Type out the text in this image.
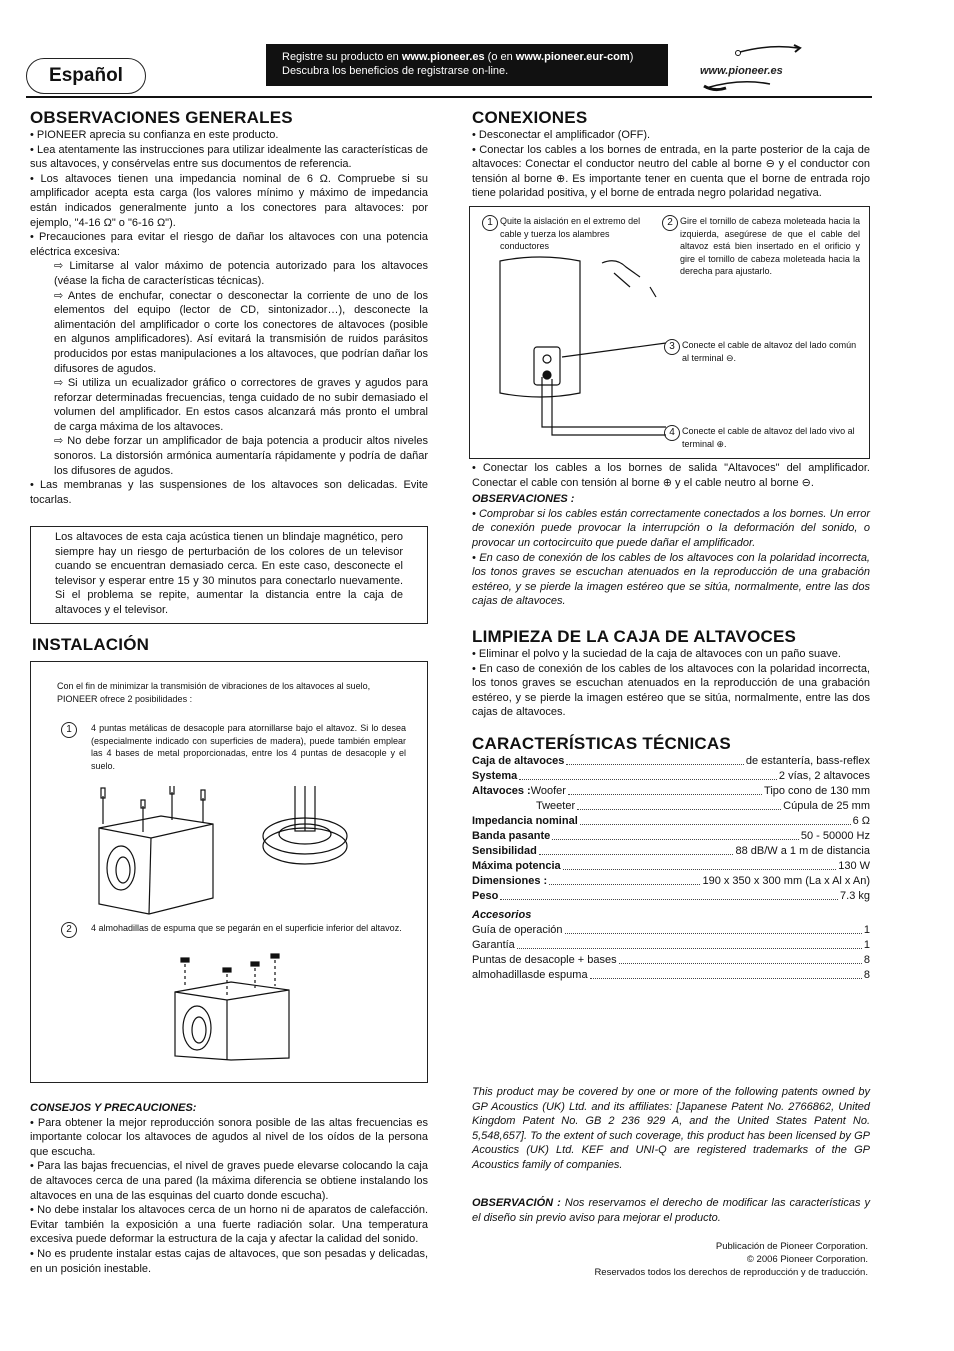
Español
Registre su producto en www.pioneer.es (o en www.pioneer.eur-com)
Descubra los beneficios de registrarse on-line.	www.pioneer.es
OBSERVACIONES GENERALES

• PIONEER aprecia su confianza en este producto.

• Lea atentamente las instrucciones para utilizar idealmente las características de sus altavoces, y consérvelas entre sus documentos de referencia.

• Los altavoces tienen una impedancia nominal de 6 Ω. Compruebe si su amplificador acepta esta carga (los valores mínimo y máximo de impedancia están indicados generalmente junto a los conectores para altavoces: por ejemplo, "4-16 Ω" o "6-16 Ω").

• Precauciones para evitar el riesgo de dañar los altavoces con una potencia eléctrica excesiva:

⇨ Limitarse al valor máximo de potencia autorizado para los altavoces (véase la ficha de características técnicas).

⇨ Antes de enchufar, conectar o desconectar la corriente de uno de los elementos del equipo (lector de CD, sintonizador…), desconecte la alimentación del amplificador o corte los conectores de altavoces (posible en algunos amplificadores). Así evitará la transmisión de ruidos parásitos producidos por estas manipulaciones a los altavoces, que podrían dañar los difusores de agudos.

⇨ Si utiliza un ecualizador gráfico o correctores de graves y agudos para reforzar determinadas frecuencias, tenga cuidado de no subir demasiado el volumen del amplificador. En estos casos alcanzará más pronto el umbral de carga máxima de los altavoces.

⇨ No debe forzar un amplificador de baja potencia a producir altos niveles sonoros. La distorsión armónica aumentaría rápidamente y podría de dañar los difusores de agudos.

• Las membranas y las suspensiones de los altavoces son delicadas. Evite tocarlas.

Los altavoces de esta caja acústica tienen un blindaje magnético, pero siempre hay un riesgo de perturbación de los colores de un televisor cuando se encuentran demasiado cerca. En este caso, desconecte el televisor y esperar entre 15 y 30 minutos para conectarlo nuevamente. Si el problema se repite, aumentar la distancia entre la caja de altavoces y el televisor.

INSTALACIÓN
Con el fin de minimizar la transmisión de vibraciones de los altavoces al suelo, PIONEER ofrece 2 posibilidades :
1	4 puntas metálicas de desacople para atornillarse bajo el altavoz. Si lo desea (especialmente indicado con superficies de madera), puede también emplear las 4 bases de metal proporcionadas, entre los 4 puntas de desacople y el suelo.
2	4 almohadillas de espuma que se pegarán en el superficie inferior del altavoz.
CONSEJOS Y PRECAUCIONES:

• Para obtener la mejor reproducción sonora posible de las altas frecuencias es importante colocar los altavoces de agudos al nivel de los oídos de la persona que escucha.

• Para las bajas frecuencias, el nivel de graves puede elevarse colocando la caja de altavoces cerca de una pared (la máxima diferencia se obtiene instalando los altavoces en una de las esquinas del cuarto donde escucha).

• No debe instalar los altavoces cerca de un horno ni de aparatos de calefacción. Evitar también la exposición a una fuerte radiación solar. Una temperatura excesiva puede deformar la estructura de la caja y afectar la calidad del sonido.

• No es prudente instalar estas cajas de altavoces, que son pesadas y delicadas, en un posición inestable.

CONEXIONES

• Desconectar el amplificador (OFF).

• Conectar los cables a los bornes de entrada, en la parte posterior de la caja de altavoces: Conectar el conductor neutro del cable al borne ⊖ y el conductor con tensión al borne ⊕. Es importante tener en cuenta que el borne de entrada rojo tiene polaridad positiva, y el borne de entrada negro polaridad negativa.

1 Quite la aislación en el extremo del cable y tuerza los alambres conductores
2 Gire el tornillo de cabeza moleteada hacia la izquierda, asegúrese de que el cable del altavoz está bien insertado en el orificio y gire el tornillo de cabeza moleteada hacia la derecha para ajustarlo.
3 Conecte el cable de altavoz del lado común al terminal ⊖.
4 Conecte el cable de altavoz del lado vivo al terminal ⊕.

• Conectar los cables a los bornes de salida "Altavoces" del amplificador. Conectar el cable con tensión al borne ⊕ y el cable neutro al borne ⊖.

OBSERVACIONES :

• Comprobar si los cables están correctamente conectados a los bornes. Un error de conexión puede provocar la interrupción o la deformación del sonido, o provocar un cortocircuito que puede dañar el amplificador.

• En caso de conexión de los cables de los altavoces con la polaridad incorrecta, los tonos graves se escuchan atenuados en la reproducción de una grabación estéreo, y se pierde la imagen estéreo que se sitúa, normalmente, entre las dos cajas de altavoces.

LIMPIEZA DE LA CAJA DE ALTAVOCES

• Eliminar el polvo y la suciedad de la caja de altavoces con un paño suave.

• En caso de conexión de los cables de los altavoces con la polaridad incorrecta, los tonos graves se escuchan atenuados en la reproducción de una grabación estéreo, y se pierde la imagen estéreo que se sitúa, normalmente, entre las dos cajas de altavoces.

CARACTERÍSTICAS TÉCNICAS
Caja de altavoces	de estantería, bass-reflex
Systema	2 vías, 2 altavoces
Altavoces : Woofer	Tipo cono de 130 mm
Tweeter	Cúpula de 25 mm
Impedancia nominal	6 Ω
Banda pasante	50 - 50000 Hz
Sensibilidad	88 dB/W a 1 m de distancia
Máxima potencia	130 W
Dimensiones :	190 x 350 x 300 mm (La x Al x An)
Peso	7.3 kg
Accesorios
Guía de operación	1
Garantía	1
Puntas de desacople + bases	8
almohadillasde espuma	8

This product may be covered by one or more of the following patents owned by GP Acoustics (UK) Ltd. and its affiliates: [Japanese Patent No. 2766862, United Kingdom Patent No. GB 2 236 929 A, and the United States Patent No. 5,548,657]. To the extent of such coverage, this product has been licensed by GP Acoustics (UK) Ltd. KEF and UNI-Q are registered trademarks of the GP Acoustics family of companies.

OBSERVACIÓN : Nos reservamos el derecho de modificar las características y el diseño sin previo aviso para mejorar el producto.

Publicación de Pioneer Corporation.
© 2006 Pioneer Corporation.
Reservados todos los derechos de reproducción y de traducción.
